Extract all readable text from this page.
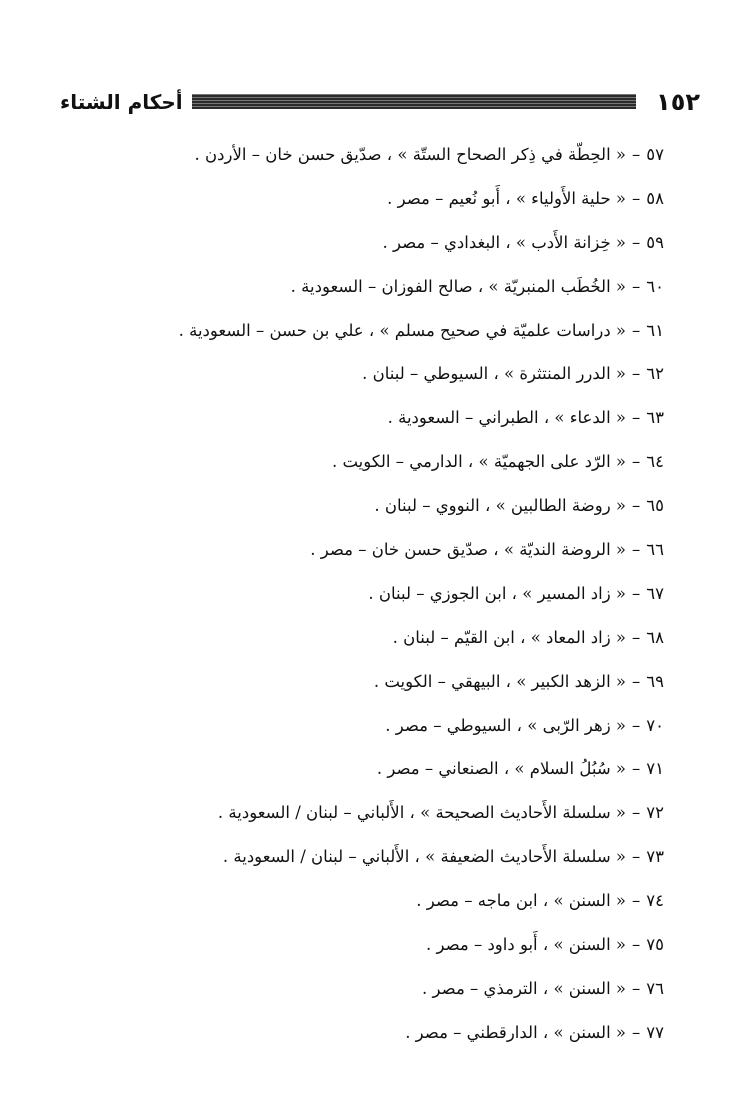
١٥٢
أحكام الشتاء
٥٧–« الحِطّة في ذِكر الصحاح الستّة » ، صدّيق حسن خان – الأردن .
٥٨–« حلية الأَولياء » ، أَبو نُعيم – مصر .
٥٩–« خِزانة الأَدب » ، البغدادي – مصر .
٦٠–« الخُطَب المنبريّة » ، صالح الفوزان – السعودية .
٦١–« دراسات علميّة في صحيح مسلم » ، علي بن حسن – السعودية .
٦٢–« الدرر المنتثرة » ، السيوطي – لبنان .
٦٣–« الدعاء » ، الطبراني – السعودية .
٦٤–« الرّد على الجهميّة » ، الدارمي – الكويت .
٦٥–« روضة الطالبين » ، النووي – لبنان .
٦٦–« الروضة النديّة » ، صدّيق حسن خان – مصر .
٦٧–« زاد المسير » ، ابن الجوزي – لبنان .
٦٨–« زاد المعاد » ، ابن القيّم – لبنان .
٦٩–« الزهد الكبير » ، البيهقي – الكويت .
٧٠–« زهر الرّبى » ، السيوطي – مصر .
٧١–« سُبُلُ السلام » ، الصنعاني – مصر .
٧٢–« سلسلة الأَحاديث الصحيحة » ، الأَلباني – لبنان / السعودية .
٧٣–« سلسلة الأَحاديث الضعيفة » ، الأَلباني – لبنان / السعودية .
٧٤–« السنن » ، ابن ماجه – مصر .
٧٥–« السنن » ، أَبو داود – مصر .
٧٦–« السنن » ، الترمذي – مصر .
٧٧–« السنن » ، الدارقطني – مصر .
